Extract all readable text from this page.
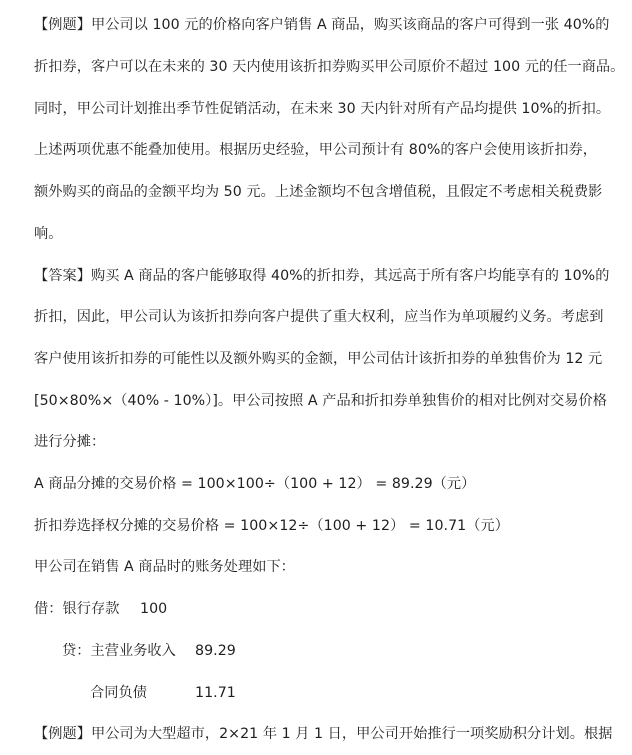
【例题】甲公司以 100 元的价格向客户销售 A 商品，购买该商品的客户可得到一张 40%的
折扣券，客户可以在未来的 30 天内使用该折扣券购买甲公司原价不超过 100 元的任一商品。
同时，甲公司计划推出季节性促销活动，在未来 30 天内针对所有产品均提供 10%的折扣。
上述两项优惠不能叠加使用。根据历史经验，甲公司预计有 80%的客户会使用该折扣券，
额外购买的商品的金额平均为 50 元。上述金额均不包含增值税，且假定不考虑相关税费影
响。
【答案】购买 A 商品的客户能够取得 40%的折扣券，其远高于所有客户均能享有的 10%的
折扣，因此，甲公司认为该折扣券向客户提供了重大权利，应当作为单项履约义务。考虑到
客户使用该折扣券的可能性以及额外购买的金额，甲公司估计该折扣券的单独售价为 12 元
[50×80%×（40% - 10%）]。甲公司按照 A 产品和折扣券单独售价的相对比例对交易价格
进行分摊：
A 商品分摊的交易价格 = 100×100÷（100 + 12） = 89.29（元）
折扣券选择权分摊的交易价格 = 100×12÷（100 + 12） = 10.71（元）
甲公司在销售 A 商品时的账务处理如下：
借：银行存款 100
贷：主营业务收入 89.29
合同负债	11.71
【例题】甲公司为大型超市，2×21 年 1 月 1 日，甲公司开始推行一项奖励积分计划。根据
